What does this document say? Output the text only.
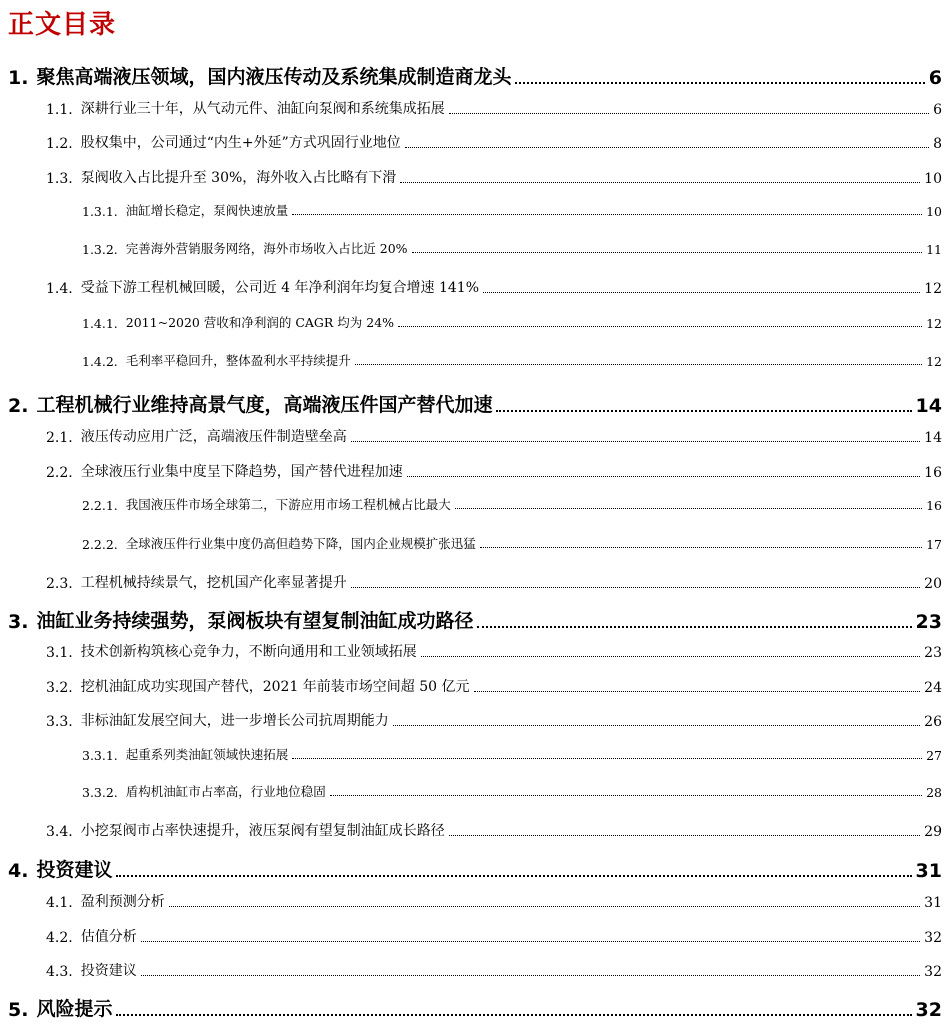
正文目录
1. 聚焦高端液压领域，国内液压传动及系统集成制造商龙头	6
1.1. 深耕行业三十年，从气动元件、油缸向泵阀和系统集成拓展	6
1.2. 股权集中，公司通过“内生+外延”方式巩固行业地位	8
1.3. 泵阀收入占比提升至 30%，海外收入占比略有下滑	10
1.3.1. 油缸增长稳定，泵阀快速放量	10
1.3.2. 完善海外营销服务网络，海外市场收入占比近 20%	11
1.4. 受益下游工程机械回暖，公司近 4 年净利润年均复合增速 141%	12
1.4.1. 2011~2020 营收和净利润的 CAGR 均为 24%	12
1.4.2. 毛利率平稳回升，整体盈利水平持续提升	12
2. 工程机械行业维持高景气度，高端液压件国产替代加速	14
2.1. 液压传动应用广泛，高端液压件制造壁垒高	14
2.2. 全球液压行业集中度呈下降趋势，国产替代进程加速	16
2.2.1. 我国液压件市场全球第二，下游应用市场工程机械占比最大	16
2.2.2. 全球液压件行业集中度仍高但趋势下降，国内企业规模扩张迅猛	17
2.3. 工程机械持续景气，挖机国产化率显著提升	20
3. 油缸业务持续强势，泵阀板块有望复制油缸成功路径	23
3.1. 技术创新构筑核心竞争力，不断向通用和工业领域拓展	23
3.2. 挖机油缸成功实现国产替代，2021 年前装市场空间超 50 亿元	24
3.3. 非标油缸发展空间大，进一步增长公司抗周期能力	26
3.3.1. 起重系列类油缸领域快速拓展	27
3.3.2. 盾构机油缸市占率高，行业地位稳固	28
3.4. 小挖泵阀市占率快速提升，液压泵阀有望复制油缸成长路径	29
4. 投资建议	31
4.1. 盈利预测分析	31
4.2. 估值分析	32
4.3. 投资建议	32
5. 风险提示	32
